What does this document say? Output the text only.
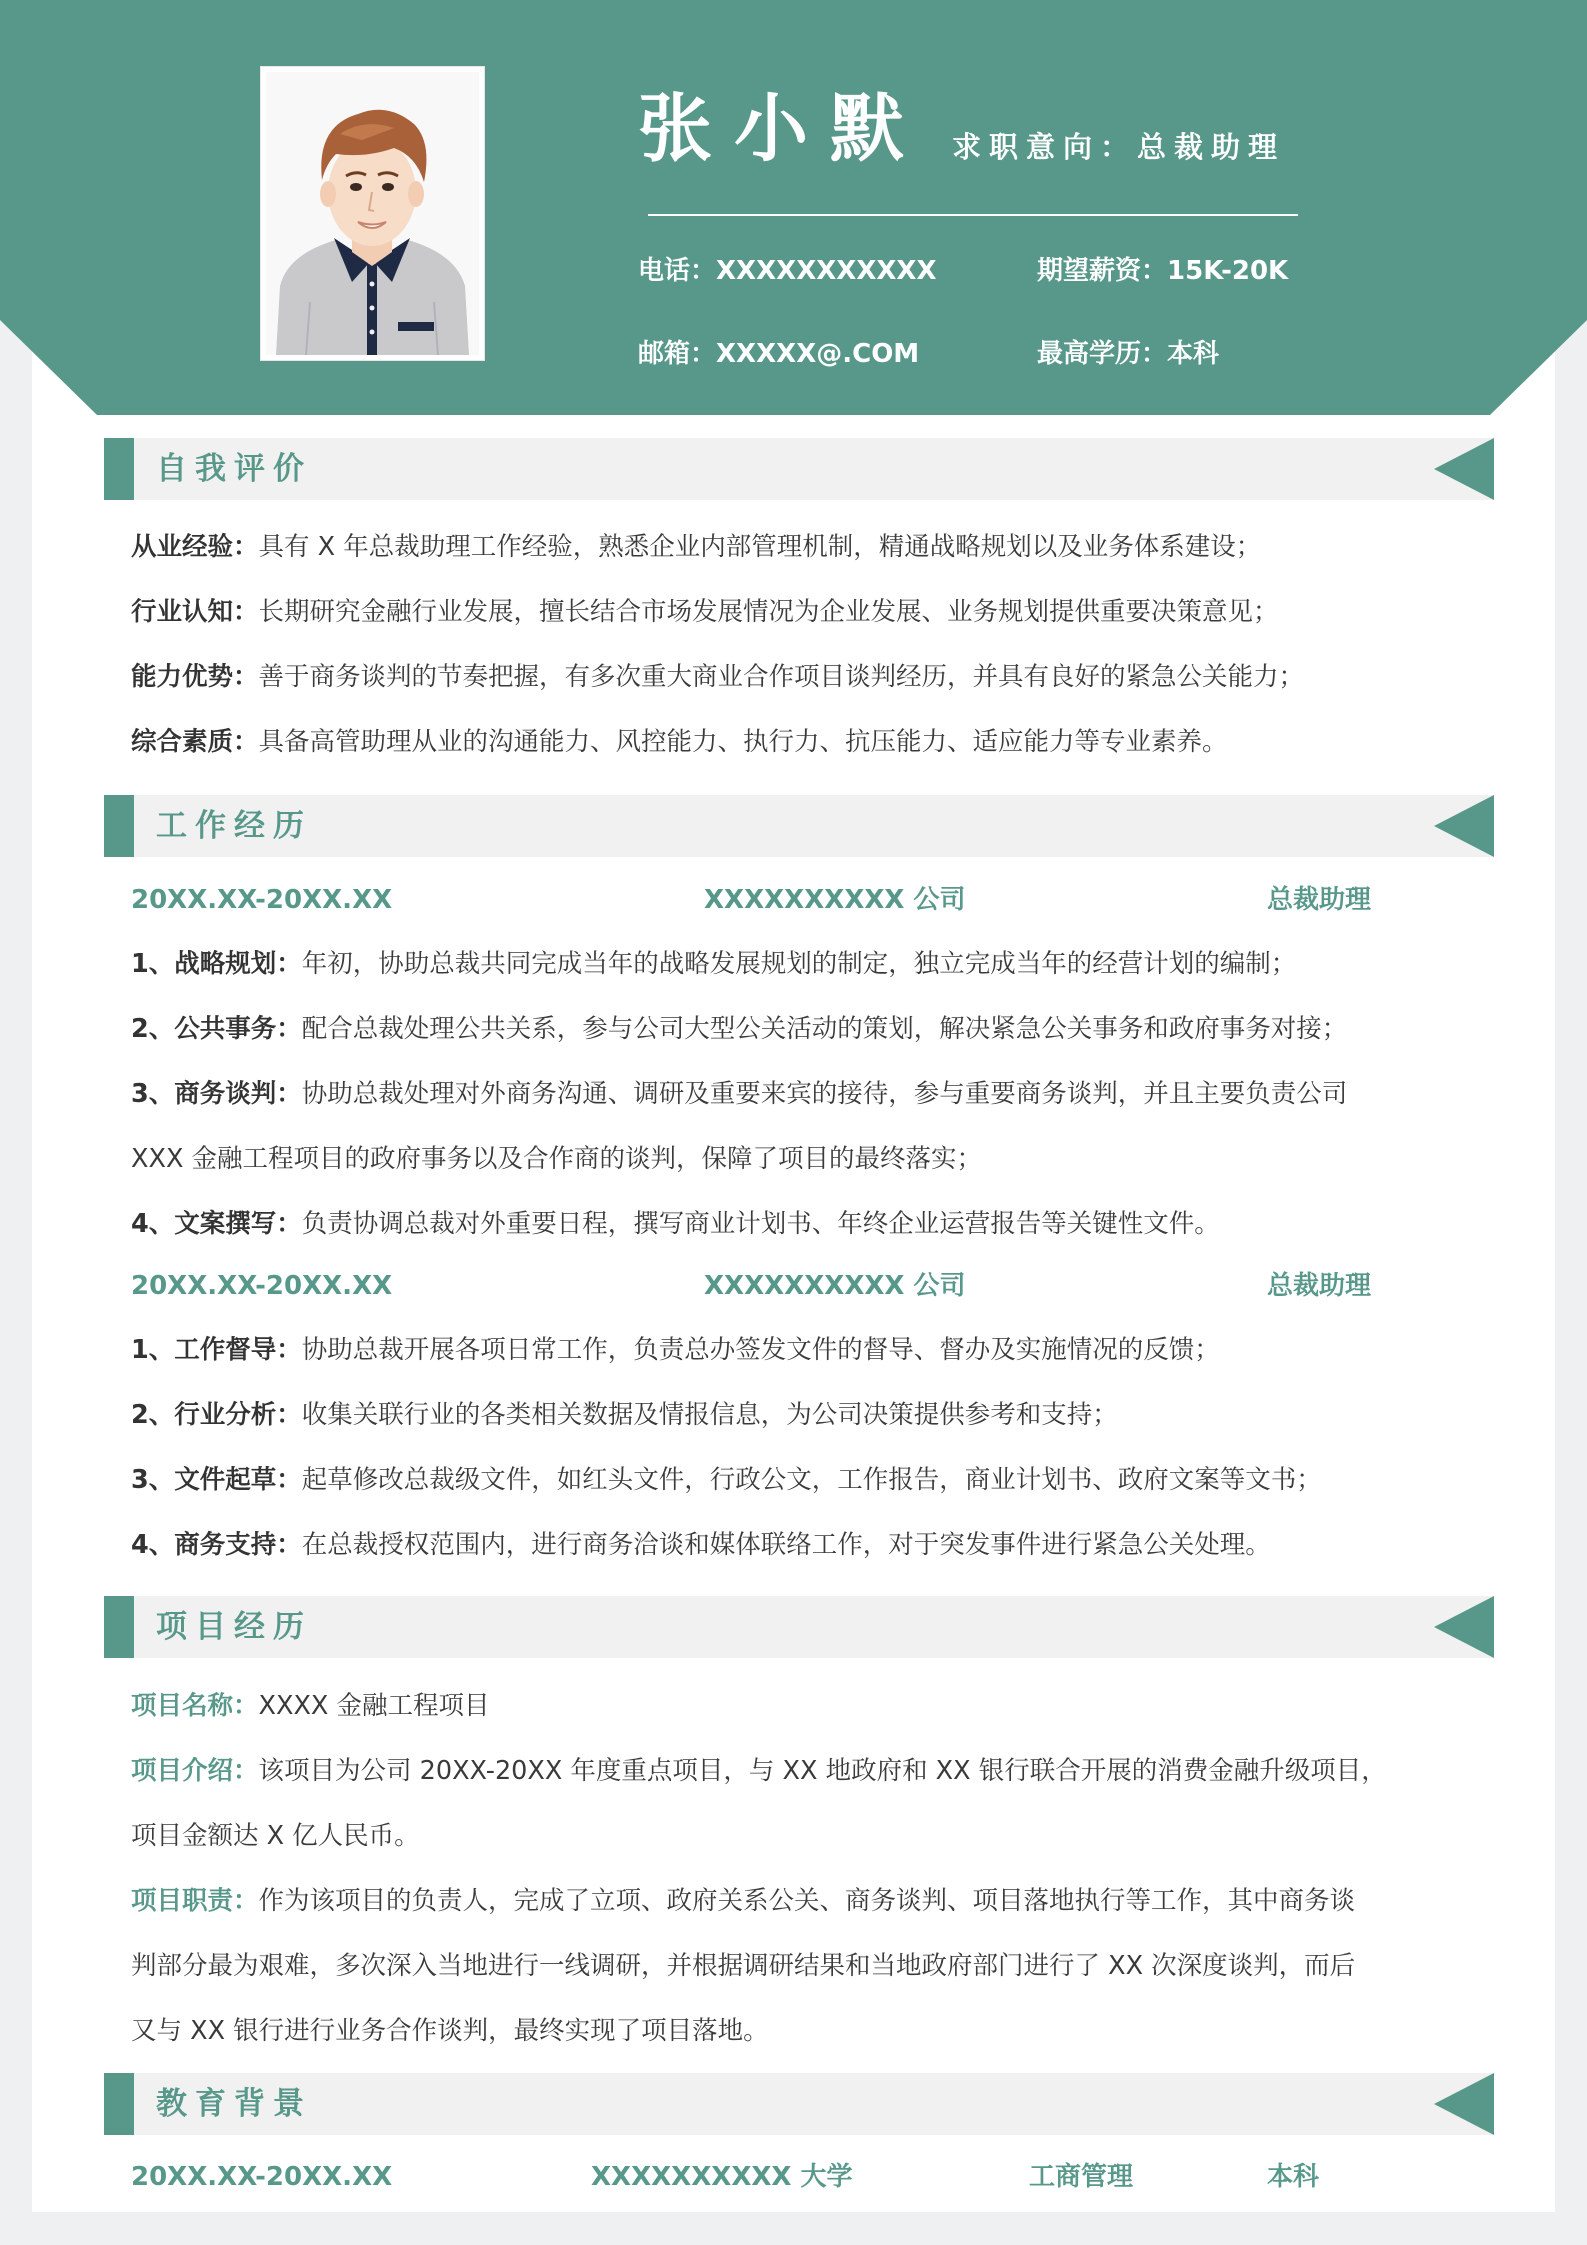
张小默 求职意向：总裁助理
电话：XXXXXXXXXXX	期望薪资：15K-20K
邮箱：XXXXX@.COM	最高学历：本科
自我评价
从业经验：具有 X 年总裁助理工作经验，熟悉企业内部管理机制，精通战略规划以及业务体系建设；
行业认知：长期研究金融行业发展，擅长结合市场发展情况为企业发展、业务规划提供重要决策意见；
能力优势：善于商务谈判的节奏把握，有多次重大商业合作项目谈判经历，并具有良好的紧急公关能力；
综合素质：具备高管助理从业的沟通能力、风控能力、执行力、抗压能力、适应能力等专业素养。
工作经历
20XX.XX-20XX.XX	XXXXXXXXXX 公司	总裁助理
1、战略规划：年初，协助总裁共同完成当年的战略发展规划的制定，独立完成当年的经营计划的编制；
2、公共事务：配合总裁处理公共关系，参与公司大型公关活动的策划，解决紧急公关事务和政府事务对接；
3、商务谈判：协助总裁处理对外商务沟通、调研及重要来宾的接待，参与重要商务谈判，并且主要负责公司
XXX 金融工程项目的政府事务以及合作商的谈判，保障了项目的最终落实；
4、文案撰写：负责协调总裁对外重要日程，撰写商业计划书、年终企业运营报告等关键性文件。
20XX.XX-20XX.XX	XXXXXXXXXX 公司	总裁助理
1、工作督导：协助总裁开展各项日常工作，负责总办签发文件的督导、督办及实施情况的反馈；
2、行业分析：收集关联行业的各类相关数据及情报信息，为公司决策提供参考和支持；
3、文件起草：起草修改总裁级文件，如红头文件，行政公文，工作报告，商业计划书、政府文案等文书；
4、商务支持：在总裁授权范围内，进行商务洽谈和媒体联络工作，对于突发事件进行紧急公关处理。
项目经历
项目名称：XXXX 金融工程项目
项目介绍：该项目为公司 20XX-20XX 年度重点项目，与 XX 地政府和 XX 银行联合开展的消费金融升级项目，
项目金额达 X 亿人民币。
项目职责：作为该项目的负责人，完成了立项、政府关系公关、商务谈判、项目落地执行等工作，其中商务谈
判部分最为艰难，多次深入当地进行一线调研，并根据调研结果和当地政府部门进行了 XX 次深度谈判，而后
又与 XX 银行进行业务合作谈判，最终实现了项目落地。
教育背景
20XX.XX-20XX.XX	XXXXXXXXXX 大学	工商管理	本科
